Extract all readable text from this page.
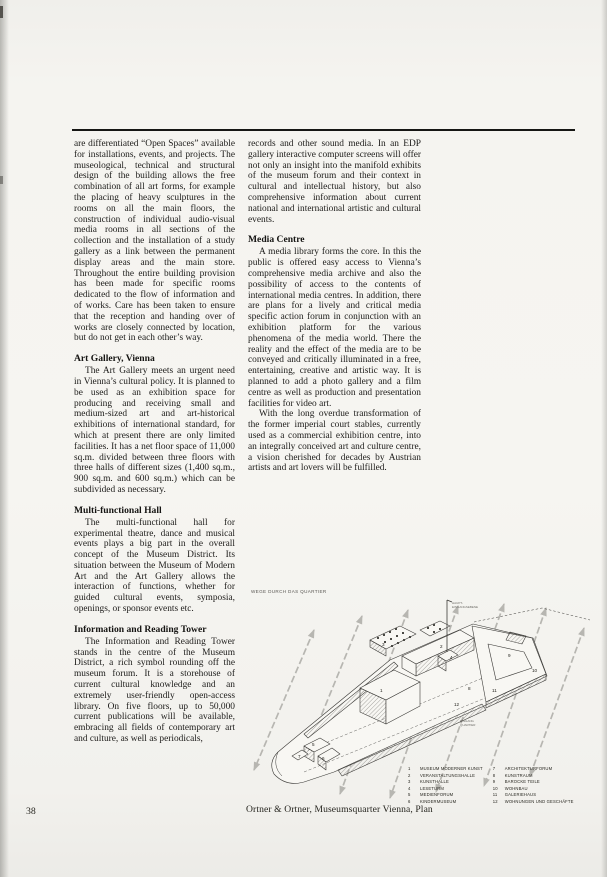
are differentiated “Open Spaces” available for installations, events, and projects. The museological, technical and structural design of the building allows the free combination of all art forms, for example the placing of heavy sculptures in the rooms on all the main floors, the construction of individual audio-visual media rooms in all sections of the collection and the installation of a study gallery as a link between the permanent display areas and the main store. Throughout the entire building provision has been made for specific rooms dedicated to the flow of information and of works. Care has been taken to ensure that the reception and handing over of works are closely connected by location, but do not get in each other’s way.

Art Gallery, Vienna

The Art Gallery meets an urgent need in Vienna’s cultural policy. It is planned to be used as an exhibition space for producing and receiving small and medium-sized art and art-historical exhibitions of international standard, for which at present there are only limited facilities. It has a net floor space of 11,000 sq.m. divided between three floors with three halls of different sizes (1,400 sq.m., 900 sq.m. and 600 sq.m.) which can be subdivided as necessary.

Multi-functional Hall

The multi-functional hall for experimental theatre, dance and musical events plays a big part in the overall concept of the Museum District. Its situation between the Museum of Modern Art and the Art Gallery allows the interaction of functions, whether for guided cultural events, symposia, openings, or sponsor events etc.

Information and Reading Tower

The Information and Reading Tower stands in the centre of the Museum District, a rich symbol rounding off the museum forum. It is a storehouse of current cultural knowledge and an extremely user-friendly open-access library. On five floors, up to 50,000 current publications will be available, embracing all fields of contemporary art and culture, as well as periodicals,

records and other sound media. In an EDP gallery interactive computer screens will offer not only an insight into the manifold exhibits of the museum forum and their context in cultural and intellectual history, but also comprehensive information about current national and international artistic and cultural events.

Media Centre

A media library forms the core. In this the public is offered easy access to Vienna’s comprehensive media archive and also the possibility of access to the contents of international media centres. In addition, there are plans for a lively and critical media specific action forum in conjunction with an exhibition platform for the various phenomena of the media world. There the reality and the effect of the media are to be conveyed and critically illuminated in a free, entertaining, creative and artistic way. It is planned to add a photo gallery and a film centre as well as production and presentation facilities for video art.

With the long overdue transformation of the former imperial court stables, currently used as a commercial exhibition centre, into an integrally conceived art and culture centre, a vision cherished for decades by Austrian artists and art lovers will be fulfilled.

WEGE DURCH DAS QUARTIER
1
2
3
4
5
6
7
8
9
10
11
12
HAUPT-
EINGANGSEBENE
EINGANG
QUARTIER
1	MUSEUM MODERNER KUNST
2	VERANSTALTUNGSHALLE
3	KUNSTHALLE
4	LESETURM
5	MEDIENFORUM
6	KINDERMUSEUM
7	ARCHITEKTURFORUM
8	KUNSTRAUM
9	BAROCKE TEILE
10	WOHNBAU
11	GALERIEHAUS
12	WOHNUNGEN UND GESCHÄFTE
Ortner & Ortner, Museumsquarter Vienna, Plan
38
